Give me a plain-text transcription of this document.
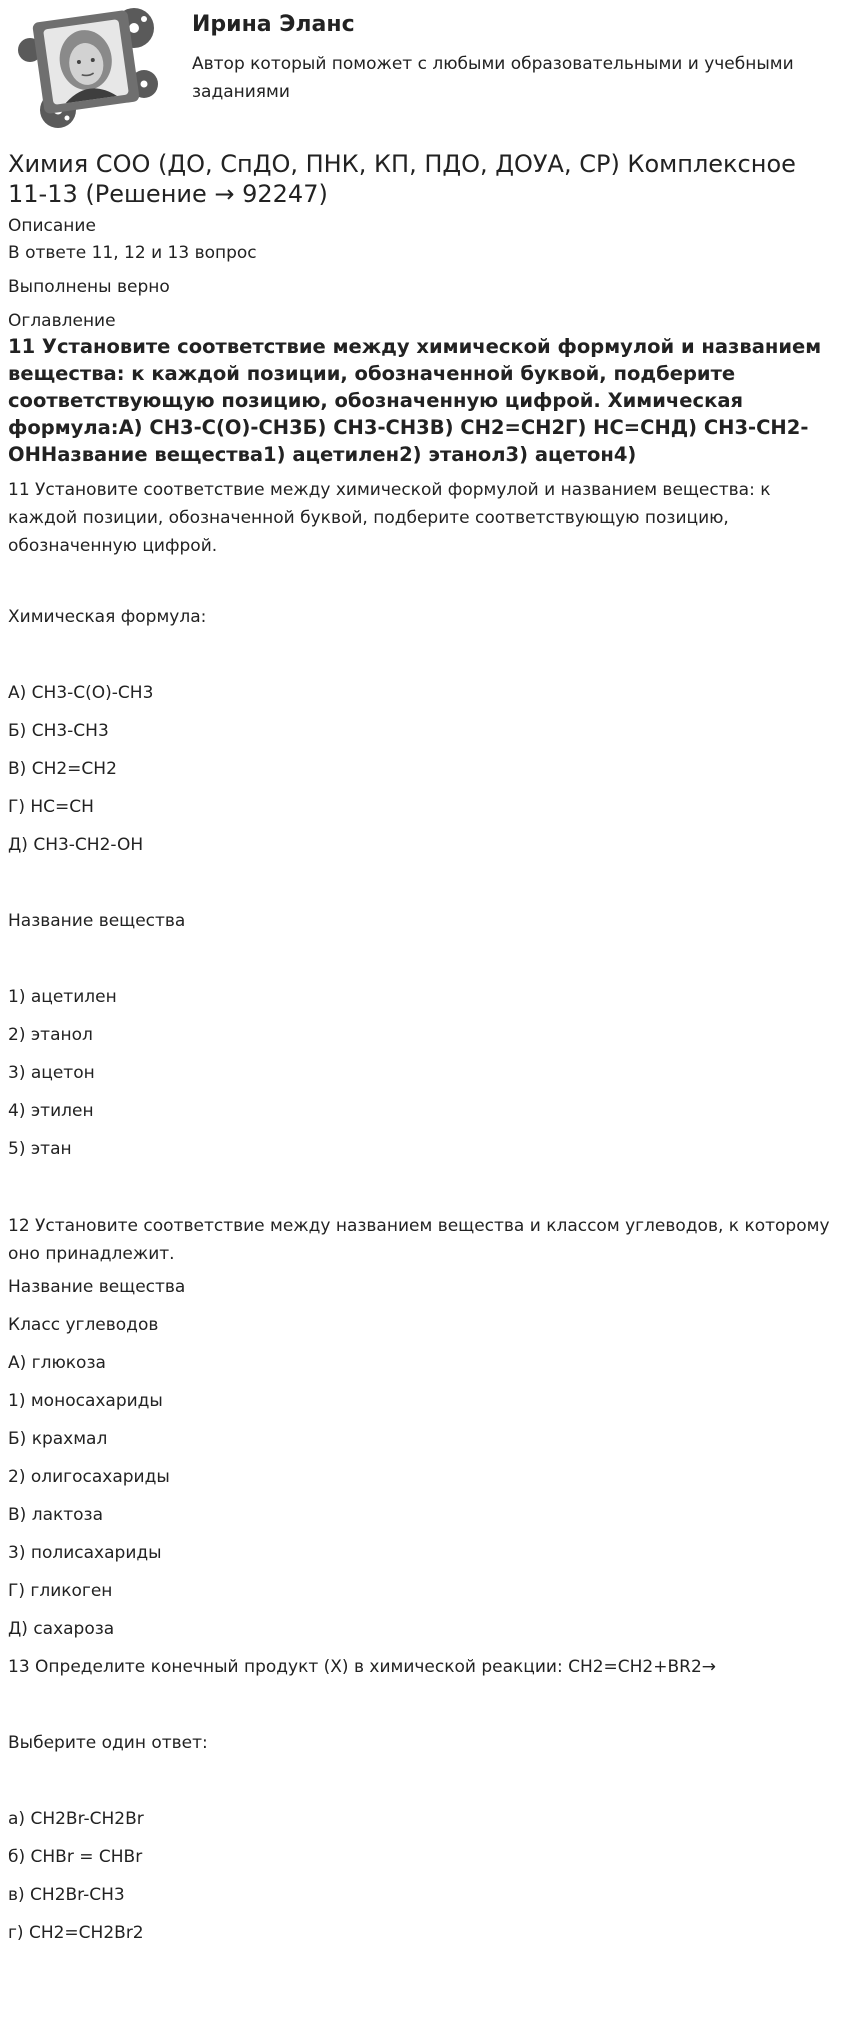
Ирина Эланс
Автор который поможет с любыми образовательными и учебными заданиями
Химия СОО (ДО, СпДО, ПНК, КП, ПДО, ДОУА, СР) Комплексное 11-13 (Решение → 92247)
Описание
В ответе 11, 12 и 13 вопрос
Выполнены верно
Оглавление
11 Установите соответствие между химической формулой и названием вещества: к каждой позиции, обозначенной буквой, подберите соответствующую позицию, обозначенную цифрой. Химическая формула:А) CH3-C(O)-CH3Б) CH3-CH3В) CH2=CH2Г) HC=CHД) CH3-CH2-OHНазвание вещества1) ацетилен2) этанол3) ацетон4)
11 Установите соответствие между химической формулой и названием вещества: к каждой позиции, обозначенной буквой, подберите соответствующую позицию, обозначенную цифрой.
Химическая формула:
А) CH3-C(O)-CH3
Б) CH3-CH3
В) CH2=CH2
Г) HC=CH
Д) CH3-CH2-OH
Название вещества
1) ацетилен
2) этанол
3) ацетон
4) этилен
5) этан
12 Установите соответствие между названием вещества и классом углеводов, к которому оно принадлежит.
Название вещества
Класс углеводов
А) глюкоза
1) моносахариды
Б) крахмал
2) олигосахариды
В) лактоза
3) полисахариды
Г) гликоген
Д) сахароза
13 Определите конечный продукт (X) в химической реакции: CH2=CH2+BR2→
Выберите один ответ:
а) CH2Br-CH2Br
б) CHBr = CHBr
в) CH2Br-CH3
г) CH2=CH2Br2
